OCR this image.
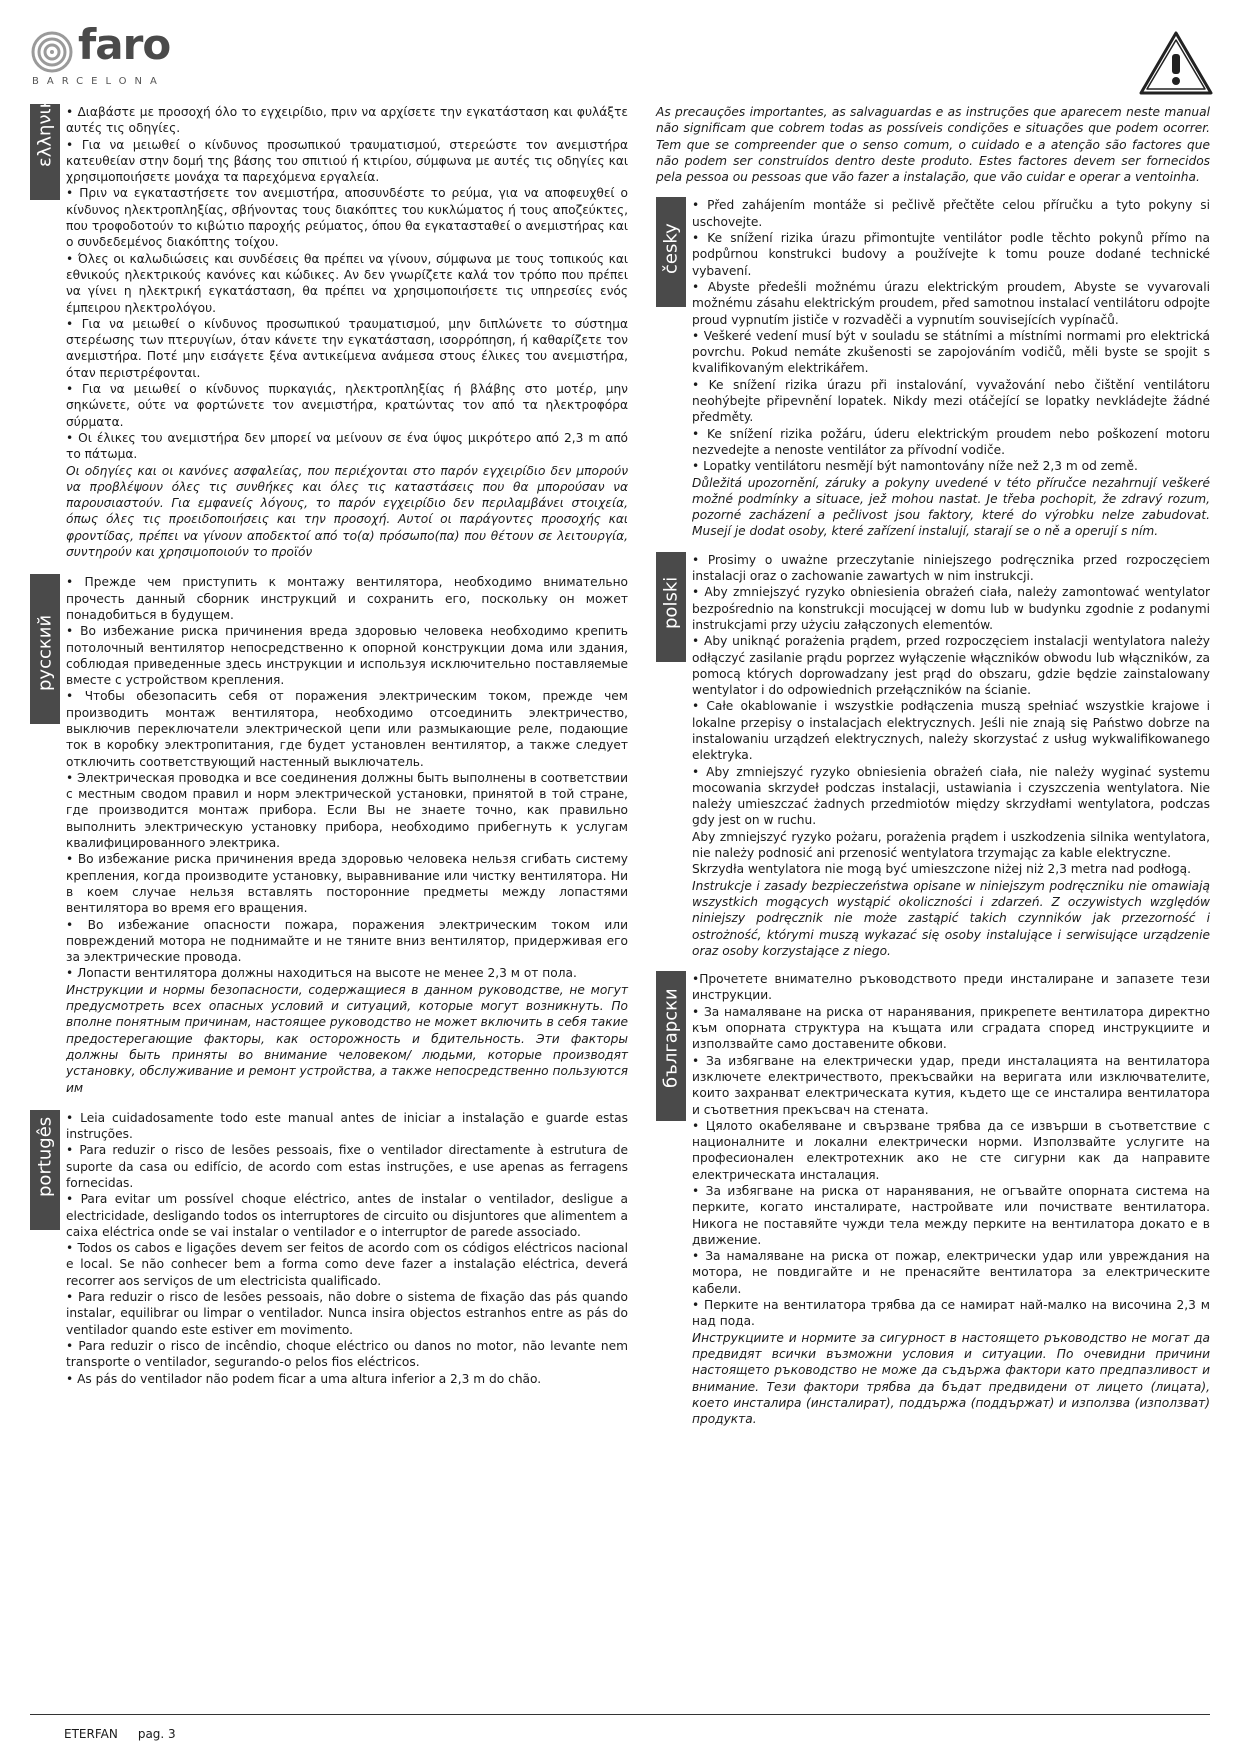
faro
BARCELONA
ελληνικη • Διαβάστε με προσοχή όλο το εγχειρίδιο, πριν να αρχίσετε την εγκατάσταση και φυλάξτε αυτές τις οδηγίες.

• Για να μειωθεί ο κίνδυνος προσωπικού τραυματισμού, στερεώστε τον ανεμιστήρα κατευθείαν στην δομή της βάσης του σπιτιού ή κτιρίου, σύμφωνα με αυτές τις οδηγίες και χρησιμοποιήσετε μονάχα τα παρεχόμενα εργαλεία.

• Πριν να εγκαταστήσετε τον ανεμιστήρα, αποσυνδέστε το ρεύμα, για να αποφευχθεί ο κίνδυνος ηλεκτροπληξίας, σβήνοντας τους διακόπτες του κυκλώματος ή τους αποζεύκτες, που τροφοδοτούν το κιβώτιο παροχής ρεύματος, όπου θα εγκατασταθεί ο ανεμιστήρας και ο συνδεδεμένος διακόπτης τοίχου.

• Όλες οι καλωδιώσεις και συνδέσεις θα πρέπει να γίνουν, σύμφωνα με τους τοπικούς και εθνικούς ηλεκτρικούς κανόνες και κώδικες. Αν δεν γνωρίζετε καλά τον τρόπο που πρέπει να γίνει η ηλεκτρική εγκατάσταση, θα πρέπει να χρησιμοποιήσετε τις υπηρεσίες ενός έμπειρου ηλεκτρολόγου.

• Για να μειωθεί ο κίνδυνος προσωπικού τραυματισμού, μην διπλώνετε το σύστημα στερέωσης των πτερυγίων, όταν κάνετε την εγκατάσταση, ισορρόπηση, ή καθαρίζετε τον ανεμιστήρα. Ποτέ μην εισάγετε ξένα αντικείμενα ανάμεσα στους έλικες του ανεμιστήρα, όταν περιστρέφονται.

• Για να μειωθεί ο κίνδυνος πυρκαγιάς, ηλεκτροπληξίας ή βλάβης στο μοτέρ, μην σηκώνετε, ούτε να φορτώνετε τον ανεμιστήρα, κρατώντας τον από τα ηλεκτροφόρα σύρματα.

• Οι έλικες του ανεμιστήρα δεν μπορεί να μείνουν σε ένα ύψος μικρότερο από 2,3 m από το πάτωμα.

Οι οδηγίες και οι κανόνες ασφαλείας, που περιέχονται στο παρόν εγχειρίδιο δεν μπορούν να προβλέψουν όλες τις συνθήκες και όλες τις καταστάσεις που θα μπορούσαν να παρουσιαστούν. Για εμφανείς λόγους, το παρόν εγχειρίδιο δεν περιλαμβάνει στοιχεία, όπως όλες τις προειδοποιήσεις και την προσοχή. Αυτοί οι παράγοντες προσοχής και φροντίδας, πρέπει να γίνουν αποδεκτοί από το(α) πρόσωπο(πα) που θέτουν σε λειτουργία, συντηρούν και χρησιμοποιούν το προϊόν

русский

• Прежде чем приступить к монтажу вентилятора, необходимо внимательно прочесть данный сборник инструкций и сохранить его, поскольку он может понадобиться в будущем.

• Во избежание риска причинения вреда здоровью человека необходимо крепить потолочный вентилятор непосредственно к опорной конструкции дома или здания, соблюдая приведенные здесь инструкции и используя исключительно поставляемые вместе с устройством крепления.

• Чтобы обезопасить себя от поражения электрическим током, прежде чем производить монтаж вентилятора, необходимо отсоединить электричество, выключив переключатели электрической цепи или размыкающие реле, подающие ток в коробку электропитания, где будет установлен вентилятор, а также следует отключить соответствующий настенный выключатель.

• Электрическая проводка и все соединения должны быть выполнены в соответствии с местным сводом правил и норм электрической установки, принятой в той стране, где производится монтаж прибора. Если Вы не знаете точно, как правильно выполнить электрическую установку прибора, необходимо прибегнуть к услугам квалифицированного электрика.

• Во избежание риска причинения вреда здоровью человека нельзя сгибать систему крепления, когда производите установку, выравнивание или чистку вентилятора. Ни в коем случае нельзя вставлять посторонние предметы между лопастями вентилятора во время его вращения.

• Во избежание опасности пожара, поражения электрическим током или повреждений мотора не поднимайте и не тяните вниз вентилятор, придерживая его за электрические провода.

• Лопасти вентилятора должны находиться на высоте не менее 2,3 м от пола.

Инструкции и нормы безопасности, содержащиеся в данном руководстве, не могут предусмотреть всех опасных условий и ситуаций, которые могут возникнуть. По вполне понятным причинам, настоящее руководство не может включить в себя такие предостерегающие факторы, как осторожность и бдительность. Эти факторы должны быть приняты во внимание человеком/ людьми, которые производят установку, обслуживание и ремонт устройства, а также непосредственно пользуются им

portugês • Leia cuidadosamente todo este manual antes de iniciar a instalação e guarde estas instruções.

• Para reduzir o risco de lesões pessoais, fixe o ventilador directamente à estrutura de suporte da casa ou edifício, de acordo com estas instruções, e use apenas as ferragens fornecidas.

• Para evitar um possível choque eléctrico, antes de instalar o ventilador, desligue a electricidade, desligando todos os interruptores de circuito ou disjuntores que alimentem a caixa eléctrica onde se vai instalar o ventilador e o interruptor de parede associado.

• Todos os cabos e ligações devem ser feitos de acordo com os códigos eléctricos nacional e local. Se não conhecer bem a forma como deve fazer a instalação eléctrica, deverá recorrer aos serviços de um electricista qualificado.

• Para reduzir o risco de lesões pessoais, não dobre o sistema de fixação das pás quando instalar, equilibrar ou limpar o ventilador. Nunca insira objectos estranhos entre as pás do ventilador quando este estiver em movimento.

• Para reduzir o risco de incêndio, choque eléctrico ou danos no motor, não levante nem transporte o ventilador, segurando-o pelos fios eléctricos.

• As pás do ventilador não podem ficar a uma altura inferior a 2,3 m do chão.

As precauções importantes, as salvaguardas e as instruções que aparecem neste manual não significam que cobrem todas as possíveis condições e situações que podem ocorrer. Tem que se compreender que o senso comum, o cuidado e a atenção são factores que não podem ser construídos dentro deste produto. Estes factores devem ser fornecidos pela pessoa ou pessoas que vão fazer a instalação, que vão cuidar e operar a ventoinha.

česky

• Před zahájením montáže si pečlivě přečtěte celou příručku a tyto pokyny si uschovejte.

• Ke snížení rizika úrazu přimontujte ventilátor podle těchto pokynů přímo na podpůrnou konstrukci budovy a používejte k tomu pouze dodané technické vybavení.

• Abyste předešli možnému úrazu elektrickým proudem, Abyste se vyvarovali možnému zásahu elektrickým proudem, před samotnou instalací ventilátoru odpojte proud vypnutím jističe v rozvaděči a vypnutím souvisejících vypínačů.

• Veškeré vedení musí být v souladu se státními a místními normami pro elektrická povrchu. Pokud nemáte zkušenosti se zapojováním vodičů, měli byste se spojit s kvalifikovaným elektrikářem.

• Ke snížení rizika úrazu při instalování, vyvažování nebo čištění ventilátoru neohýbejte připevnění lopatek. Nikdy mezi otáčející se lopatky nevkládejte žádné předměty.

• Ke snížení rizika požáru, úderu elektrickým proudem nebo poškození motoru nezvedejte a nenoste ventilátor za přívodní vodiče.

• Lopatky ventilátoru nesmějí být namontovány níže než 2,3 m od země.

Důležitá upozornění, záruky a pokyny uvedené v této příručce nezahrnují veškeré možné podmínky a situace, jež mohou nastat. Je třeba pochopit, že zdravý rozum, pozorné zacházení a pečlivost jsou faktory, které do výrobku nelze zabudovat. Musejí je dodat osoby, které zařízení instalují, starají se o ně a operují s ním.

polski

• Prosimy o uważne przeczytanie niniejszego podręcznika przed rozpoczęciem instalacji oraz o zachowanie zawartych w nim instrukcji.

• Aby zmniejszyć ryzyko obniesienia obrażeń ciała, należy zamontować wentylator bezpośrednio na konstrukcji mocującej w domu lub w budynku zgodnie z podanymi instrukcjami przy użyciu załączonych elementów.

• Aby uniknąć porażenia prądem, przed rozpoczęciem instalacji wentylatora należy odłączyć zasilanie prądu poprzez wyłączenie włączników obwodu lub włączników, za pomocą których doprowadzany jest prąd do obszaru, gdzie będzie zainstalowany wentylator i do odpowiednich przełączników na ścianie.

• Całe okablowanie i wszystkie podłączenia muszą spełniać wszystkie krajowe i lokalne przepisy o instalacjach elektrycznych. Jeśli nie znają się Państwo dobrze na instalowaniu urządzeń elektrycznych, należy skorzystać z usług wykwalifikowanego elektryka.

• Aby zmniejszyć ryzyko obniesienia obrażeń ciała, nie należy wyginać systemu mocowania skrzydeł podczas instalacji, ustawiania i czyszczenia wentylatora. Nie należy umieszczać żadnych przedmiotów między skrzydłami wentylatora, podczas gdy jest on w ruchu.

Aby zmniejszyć ryzyko pożaru, porażenia prądem i uszkodzenia silnika wentylatora, nie należy podnosić ani przenosić wentylatora trzymając za kable elektryczne.

Skrzydła wentylatora nie mogą być umieszczone niżej niż 2,3 metra nad podłogą.

Instrukcje i zasady bezpieczeństwa opisane w niniejszym podręczniku nie omawiają wszystkich mogących wystąpić okoliczności i zdarzeń. Z oczywistych względów niniejszy podręcznik nie może zastąpić takich czynników jak przezorność i ostrożność, którymi muszą wykazać się osoby instalujące i serwisujące urządzenie oraz osoby korzystające z niego.

български

•Прочетете внимателно ръководството преди инсталиране и запазете тези инструкции.

• За намаляване на риска от наранявания, прикрепете вентилатора директно към опорната структура на къщата или сградата според инструкциите и използвайте само доставените обкови.

• За избягване на електрически удар, преди инсталацията на вентилатора изключете електричеството, прекъсвайки на веригата или изключвателите, които захранват електрическата кутия, където ще се инсталира вентилатора и съответния прекъсвач на стената.

• Цялото окабеляване и свързване трябва да се извърши в съответствие с националните и локални електрически норми. Използвайте услугите на професионален електротехник ако не сте сигурни как да направите електрическата инсталация.

• За избягване на риска от наранявания, не огъвайте опорната система на перките, когато инсталирате, настройвате или почиствате вентилатора. Никога не поставяйте чужди тела между перките на вентилатора докато е в движение.

• За намаляване на риска от пожар, електрически удар или увреждания на мотора, не повдигайте и не пренасяйте вентилатора за електрическите кабели.

• Перките на вентилатора трябва да се намират най-малко на височина 2,3 м над пода.

Инструкциите и нормите за сигурност в настоящето ръководство не могат да предвидят всички възможни условия и ситуации. По очевидни причини настоящето ръководство не може да съдържа фактори като предпазливост и внимание. Тези фактори трябва да бъдат предвидени от лицето (лицата), което инсталира (инсталират), поддържа (поддържат) и използва (използват) продукта.

ETERFAN pag. 3
